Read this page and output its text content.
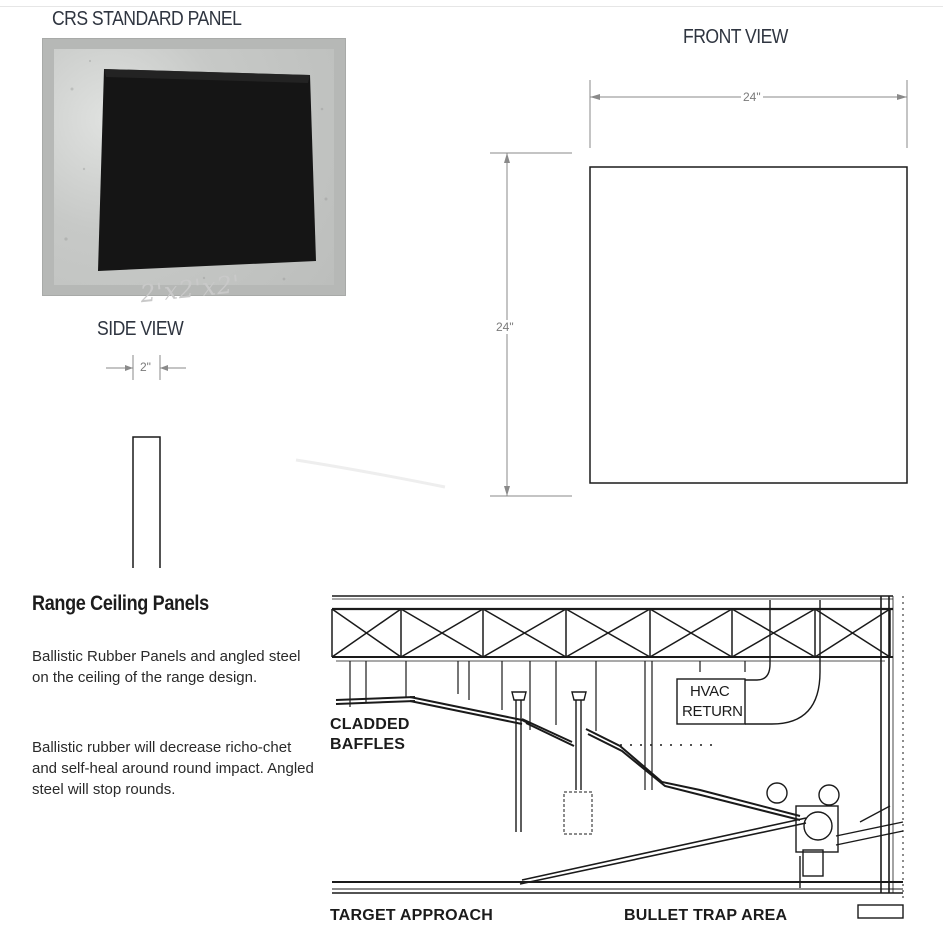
CRS STANDARD PANEL
2'x2'x2'
FRONT VIEW
SIDE VIEW
24"
24"
2"
Range Ceiling Panels
Ballistic Rubber Panels and angled steel on the ceiling of the range design.
Ballistic rubber will decrease richo-chet and self-heal around round impact. Angled steel will stop rounds.
CLADDED
BAFFLES
HVAC
RETURN
TARGET APPROACH	BULLET TRAP AREA
